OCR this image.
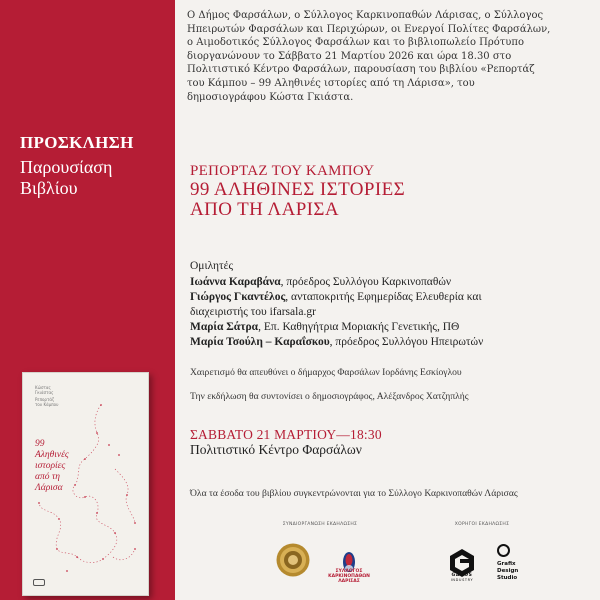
ΠΡΟΣΚΛΗΣΗ
Παρουσίαση
Βιβλίου
Κώστας
Γκιάστας
Ρεπορτάζ
του Κάμπου
99
Αληθινές
ιστορίες
από τη
Λάρισα
Ο Δήμος Φαρσάλων, ο Σύλλογος Καρκινοπαθών Λάρισας, ο Σύλλογος
Ηπειρωτών Φαρσάλων και Περιχώρων, οι Ενεργοί Πολίτες Φαρσάλων,
ο Αιμοδοτικός Σύλλογος Φαρσάλων και το βιβλιοπωλείο Πρότυπο
διοργανώνουν το Σάββατο 21 Μαρτίου 2026 και ώρα 18.30 στο
Πολιτιστικό Κέντρο Φαρσάλων, παρουσίαση του βιβλίου «Ρεπορτάζ
του Κάμπου – 99 Αληθινές ιστορίες από τη Λάρισα», του
δημοσιογράφου Κώστα Γκιάστα.
ΡΕΠΟΡΤΑΖ ΤΟΥ ΚΑΜΠΟΥ
99 ΑΛΗΘΙΝΕΣ ΙΣΤΟΡΙΕΣ
ΑΠΟ ΤΗ ΛΑΡΙΣΑ
Ομιλητές
Ιωάννα Καραβάνα, πρόεδρος Συλλόγου Καρκινοπαθών
Γιώργος Γκαντέλος, ανταποκριτής Εφημερίδας Ελευθερία και
διαχειριστής του ifarsala.gr
Μαρία Σάτρα, Επ. Καθηγήτρια Μοριακής Γενετικής, ΠΘ
Μαρία Τσούλη – Καραΐσκου, πρόεδρος Συλλόγου Ηπειρωτών
Χαιρετισμό θα απευθύνει ο δήμαρχος Φαρσάλων Ιορδάνης Εσκίογλου
Την εκδήλωση θα συντονίσει ο δημοσιογράφος, Αλέξανδρος Χατζηπλής
ΣΑΒΒΑΤΟ 21 ΜΑΡΤΙΟΥ—18:30
Πολιτιστικό Κέντρο Φαρσάλων
Όλα τα έσοδα του βιβλίου συγκεντρώνονται για το Σύλλογο Καρκινοπαθών Λάρισας
ΣΥΝΔΙΟΡΓΑΝΩΣΗ ΕΚΔΗΛΩΣΗΣ	ΧΟΡΗΓΟΙ ΕΚΔΗΛΩΣΗΣ
ΣΥΛΛΟΓΟΣ
ΚΑΡΚΙΝΟΠΑΘΩΝ
ΛΑΡΙΣΑΣ
GAGOS
INDUSTRY
Grafix
Design
Studio
